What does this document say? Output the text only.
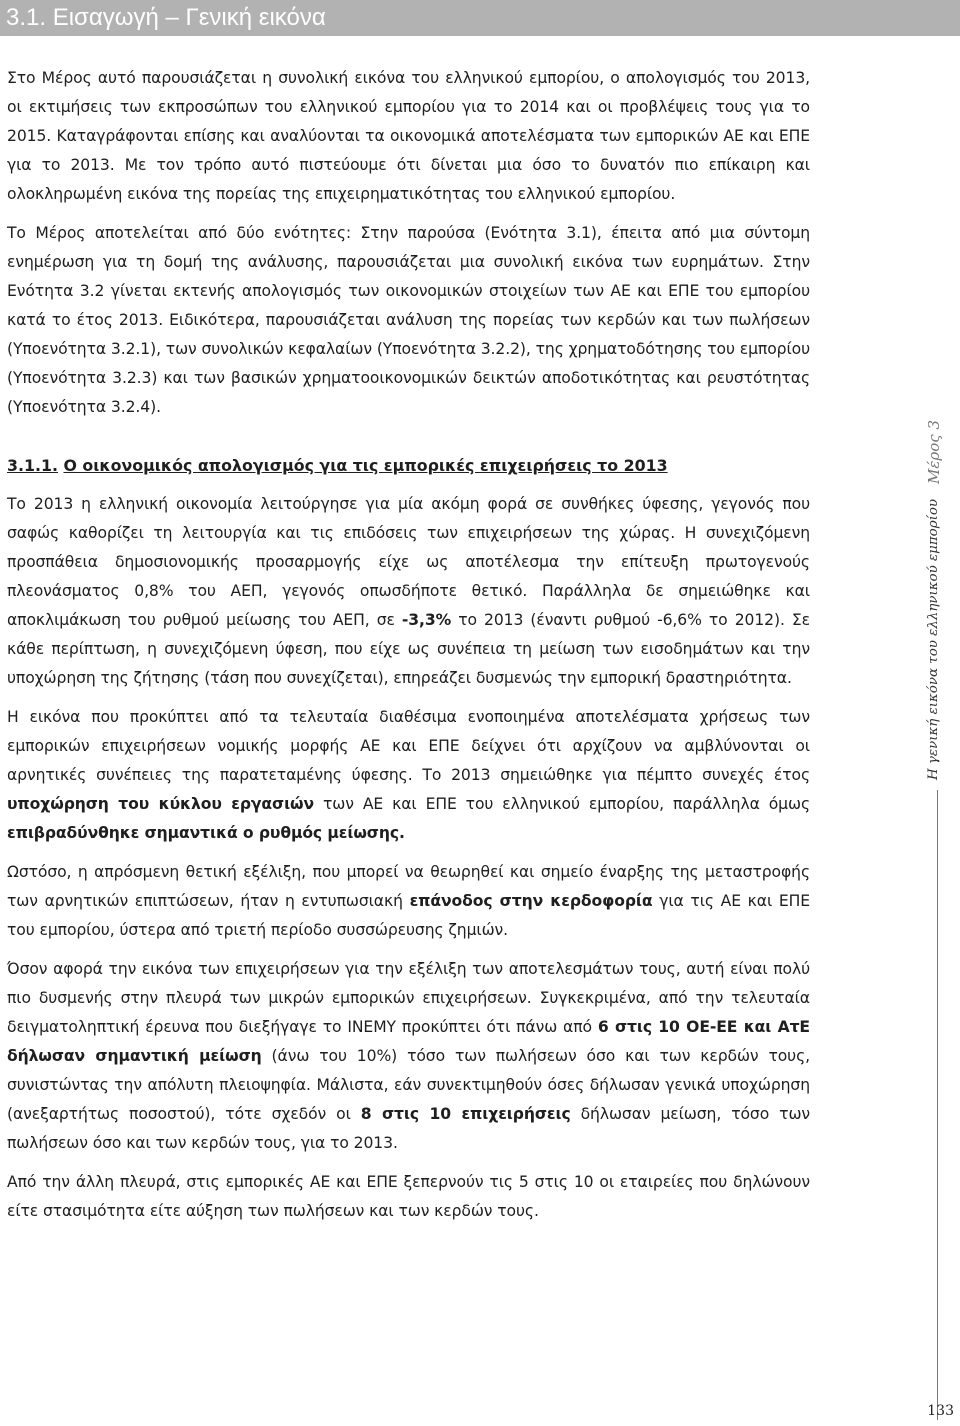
3.1. Εισαγωγή – Γενική εικόνα

Στο Μέρος αυτό παρουσιάζεται η συνολική εικόνα του ελληνικού εμπορίου, ο απολογισμός του 2013, οι εκτιμήσεις των εκπροσώπων του ελληνικού εμπορίου για το 2014 και οι προβλέψεις τους για το 2015. Καταγράφονται επίσης και αναλύονται τα οικονομικά αποτελέσματα των εμπορικών ΑΕ και ΕΠΕ για το 2013. Με τον τρόπο αυτό πιστεύουμε ότι δίνεται μια όσο το δυνατόν πιο επίκαιρη και ολοκληρωμένη εικόνα της πορείας της επιχειρηματικότητας του ελληνικού εμπορίου.

Το Μέρος αποτελείται από δύο ενότητες: Στην παρούσα (Ενότητα 3.1), έπειτα από μια σύντομη ενημέρωση για τη δομή της ανάλυσης, παρουσιάζεται μια συνολική εικόνα των ευρημάτων. Στην Ενότητα 3.2 γίνεται εκτενής απολογισμός των οικονομικών στοιχείων των ΑΕ και ΕΠΕ του εμπορίου κατά το έτος 2013. Ειδικότερα, παρουσιάζεται ανάλυση της πορείας των κερδών και των πωλήσεων (Υποενότητα 3.2.1), των συνολικών κεφαλαίων (Υποενότητα 3.2.2), της χρηματοδότησης του εμπορίου (Υποενότητα 3.2.3) και των βασικών χρηματοοικονομικών δεικτών αποδοτικότητας και ρευστότητας (Υποενότητα 3.2.4).

3.1.1. Ο οικονομικός απολογισμός για τις εμπορικές επιχειρήσεις το 2013

Το 2013 η ελληνική οικονομία λειτούργησε για μία ακόμη φορά σε συνθήκες ύφεσης, γεγονός που σαφώς καθορίζει τη λειτουργία και τις επιδόσεις των επιχειρήσεων της χώρας. Η συνεχιζόμενη προσπάθεια δημοσιονομικής προσαρμογής είχε ως αποτέλεσμα την επίτευξη πρωτογενούς πλεονάσματος 0,8% του ΑΕΠ, γεγονός οπωσδήποτε θετικό. Παράλληλα δε σημειώθηκε και αποκλιμάκωση του ρυθμού μείωσης του ΑΕΠ, σε -3,3% το 2013 (έναντι ρυθμού -6,6% το 2012). Σε κάθε περίπτωση, η συνεχιζόμενη ύφεση, που είχε ως συνέπεια τη μείωση των εισοδημάτων και την υποχώρηση της ζήτησης (τάση που συνεχίζεται), επηρεάζει δυσμενώς την εμπορική δραστηριότητα.

Η εικόνα που προκύπτει από τα τελευταία διαθέσιμα ενοποιημένα αποτελέσματα χρήσεως των εμπορικών επιχειρήσεων νομικής μορφής ΑΕ και ΕΠΕ δείχνει ότι αρχίζουν να αμβλύνονται οι αρνητικές συνέπειες της παρατεταμένης ύφεσης. Το 2013 σημειώθηκε για πέμπτο συνεχές έτος υποχώρηση του κύκλου εργασιών των ΑΕ και ΕΠΕ του ελληνικού εμπορίου, παράλληλα όμως επιβραδύνθηκε σημαντικά ο ρυθμός μείωσης.

Ωστόσο, η απρόσμενη θετική εξέλιξη, που μπορεί να θεωρηθεί και σημείο έναρξης της μεταστροφής των αρνητικών επιπτώσεων, ήταν η εντυπωσιακή επάνοδος στην κερδοφορία για τις ΑΕ και ΕΠΕ του εμπορίου, ύστερα από τριετή περίοδο συσσώρευσης ζημιών.

Όσον αφορά την εικόνα των επιχειρήσεων για την εξέλιξη των αποτελεσμάτων τους, αυτή είναι πολύ πιο δυσμενής στην πλευρά των μικρών εμπορικών επιχειρήσεων. Συγκεκριμένα, από την τελευταία δειγματοληπτική έρευνα που διεξήγαγε το ΙΝΕΜΥ προκύπτει ότι πάνω από 6 στις 10 ΟΕ-ΕΕ και ΑτΕ δήλωσαν σημαντική μείωση (άνω του 10%) τόσο των πωλήσεων όσο και των κερδών τους, συνιστώντας την απόλυτη πλειοψηφία. Μάλιστα, εάν συνεκτιμηθούν όσες δήλωσαν γενικά υποχώρηση (ανεξαρτήτως ποσοστού), τότε σχεδόν οι 8 στις 10 επιχειρήσεις δήλωσαν μείωση, τόσο των πωλήσεων όσο και των κερδών τους, για το 2013.

Από την άλλη πλευρά, στις εμπορικές ΑΕ και ΕΠΕ ξεπερνούν τις 5 στις 10 οι εταιρείες που δηλώνουν είτε στασιμότητα είτε αύξηση των πωλήσεων και των κερδών τους.

Η γενική εικόνα του ελληνικού εμπορίου
Μέρος 3
133
